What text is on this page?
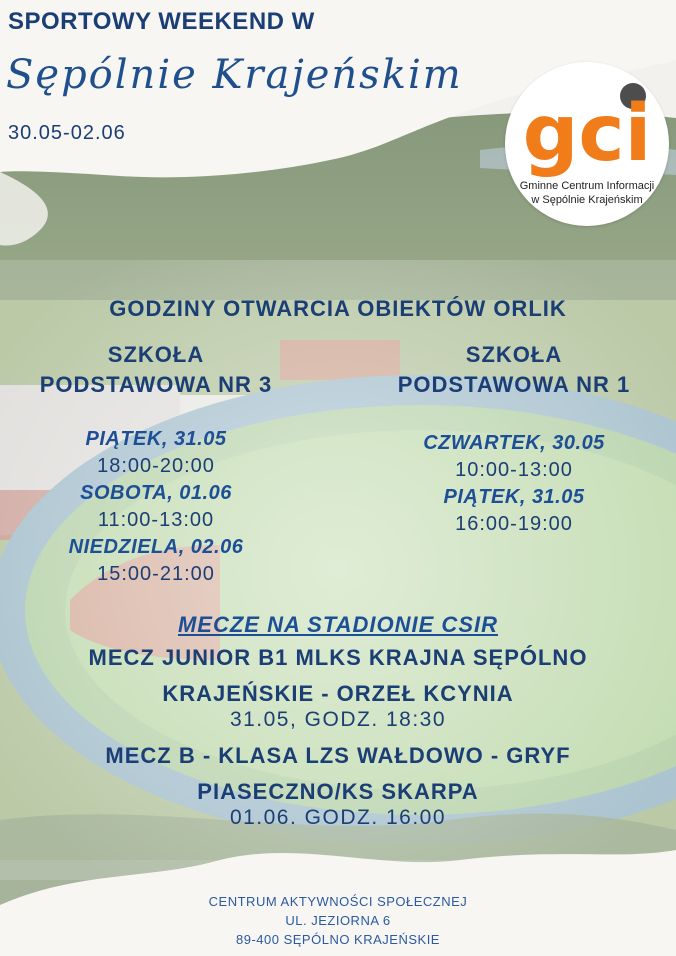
SPORTOWY WEEKEND W
Sępólnie Krajeńskim
30.05-02.06	gci
Gminne Centrum Informacji
w Sępólnie Krajeńskim
GODZINY OTWARCIA OBIEKTÓW ORLIK
SZKOŁA
PODSTAWOWA NR 3
PIĄTEK, 31.05
18:00-20:00
SOBOTA, 01.06
11:00-13:00
NIEDZIELA, 02.06
15:00-21:00
SZKOŁA
PODSTAWOWA NR 1
CZWARTEK, 30.05
10:00-13:00
PIĄTEK, 31.05
16:00-19:00
MECZE NA STADIONIE CSIR
MECZ JUNIOR B1 MLKS KRAJNA SĘPÓLNO
KRAJEŃSKIE - ORZEŁ KCYNIA
31.05, GODZ. 18:30
MECZ B - KLASA LZS WAŁDOWO - GRYF
PIASECZNO/KS SKARPA
01.06. GODZ. 16:00
CENTRUM AKTYWNOŚCI SPOŁECZNEJ
UL. JEZIORNA 6
89-400 SĘPÓLNO KRAJEŃSKIE
